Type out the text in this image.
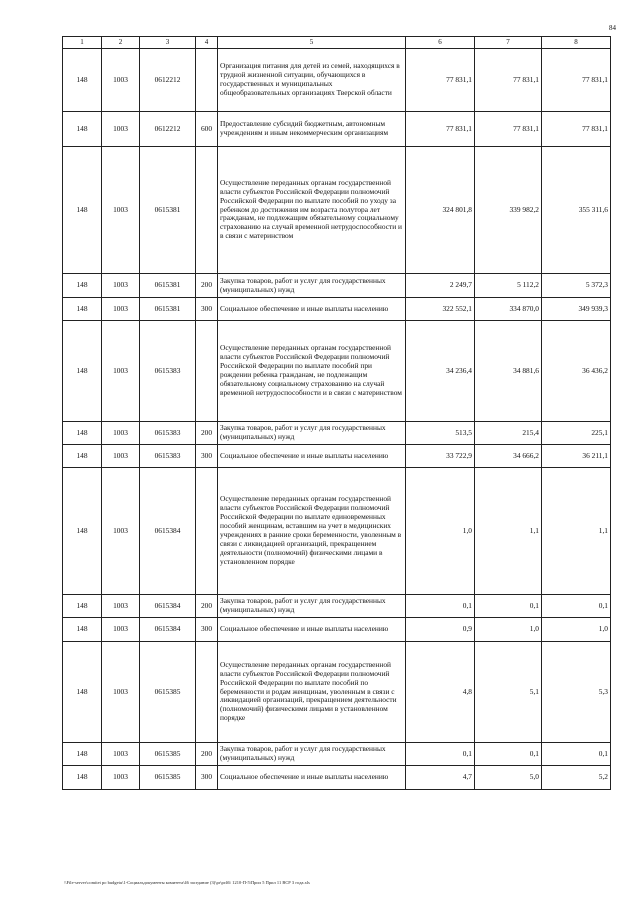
84
1	2	3	4	5	6	7	8
148	1003	0612212		Организация питания для детей из семей, находящихся в трудной жизненной ситуации, обучающихся в государственных и муниципальных общеобразовательных организациях Тверской области	77 831,1	77 831,1	77 831,1
148	1003	0612212	600	Предоставление субсидий бюджетным, автономным учреждениям и иным некоммерческим организациям	77 831,1	77 831,1	77 831,1
148	1003	0615381		Осуществление переданных органам государственной власти субъектов Российской Федерации полномочий Российской Федерации по выплате пособий по уходу за ребенком до достижения им возраста полутора лет гражданам, не подлежащим обязательному социальному страхованию на случай временной нетрудоспособности и в связи с материнством	324 801,8	339 982,2	355 311,6
148	1003	0615381	200	Закупка товаров, работ и услуг для государственных (муниципальных) нужд	2 249,7	5 112,2	5 372,3
148	1003	0615381	300	Социальное обеспечение и иные выплаты населению	322 552,1	334 870,0	349 939,3
148	1003	0615383		Осуществление переданных органам государственной власти субъектов Российской Федерации полномочий Российской Федерации по выплате пособий при рождении ребенка гражданам, не подлежащим обязательному социальному страхованию на случай временной нетрудоспособности и в связи с материнством	34 236,4	34 881,6	36 436,2
148	1003	0615383	200	Закупка товаров, работ и услуг для государственных (муниципальных) нужд	513,5	215,4	225,1
148	1003	0615383	300	Социальное обеспечение и иные выплаты населению	33 722,9	34 666,2	36 211,1
148	1003	0615384		Осуществление переданных органам государственной власти субъектов Российской Федерации полномочий Российской Федерации по выплате единовременных пособий женщинам, вставшим на учет в медицинских учреждениях в ранние сроки беременности, уволенным в связи с ликвидацией организаций, прекращением деятельности (полномочий) физическими лицами в установленном порядке	1,0	1,1	1,1
148	1003	0615384	200	Закупка товаров, работ и услуг для государственных (муниципальных) нужд	0,1	0,1	0,1
148	1003	0615384	300	Социальное обеспечение и иные выплаты населению	0,9	1,0	1,0
148	1003	0615385		Осуществление переданных органам государственной власти субъектов Российской Федерации полномочий Российской Федерации по выплате пособий по беременности и родам женщинам, уволенным в связи с ликвидацией организаций, прекращением деятельности (полномочий) физическими лицами в установленном порядке	4,8	5,1	5,3
148	1003	0615385	200	Закупка товаров, работ и услуг для государственных (муниципальных) нужд	0,1	0,1	0,1
148	1003	0615385	300	Социальное обеспечение и иные выплаты населению	4,7	5,0	5,2
\\File-server\comitet po budgetu\1-Социальдокументы комитета\46 заседание (3)\pr\pr46\ 1210-П-5\Прил 5 Прил 11 ВСР 3 года.xls
